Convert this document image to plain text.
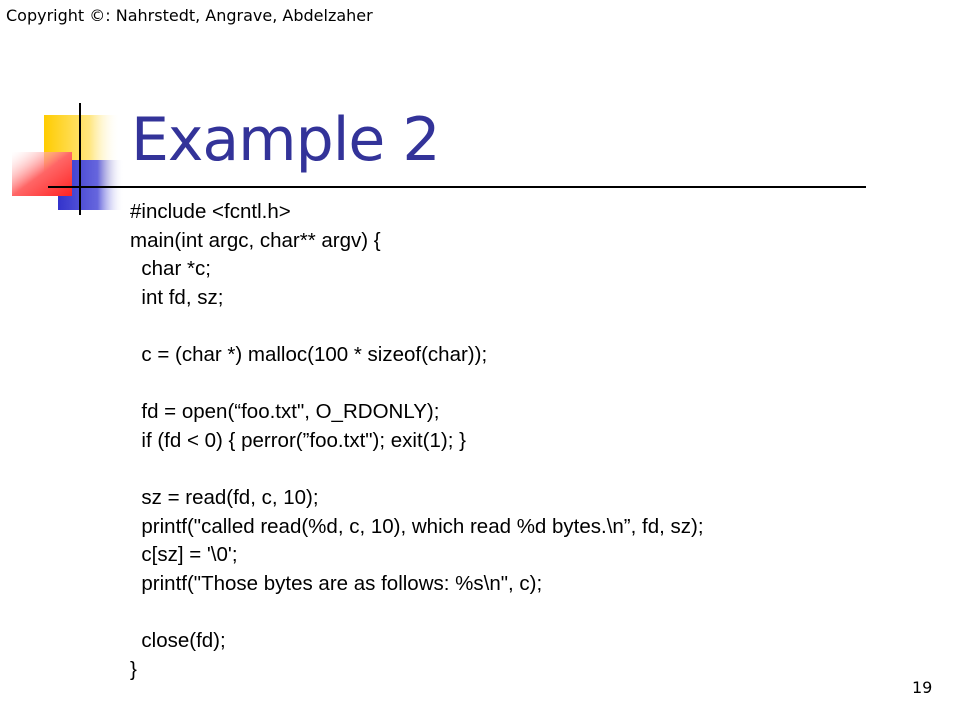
Copyright ©: Nahrstedt, Angrave, Abdelzaher
Example 2
#include <fcntl.h>
main(int argc, char** argv) {
char *c;
int fd, sz;
c = (char *) malloc(100 * sizeof(char));
fd = open(“foo.txt", O_RDONLY);
if (fd < 0) { perror(”foo.txt"); exit(1); }
sz = read(fd, c, 10);
printf("called read(%d, c, 10), which read %d bytes.\n”, fd, sz);
c[sz] = '\0';
printf("Those bytes are as follows: %s\n", c);
close(fd);
}
19
